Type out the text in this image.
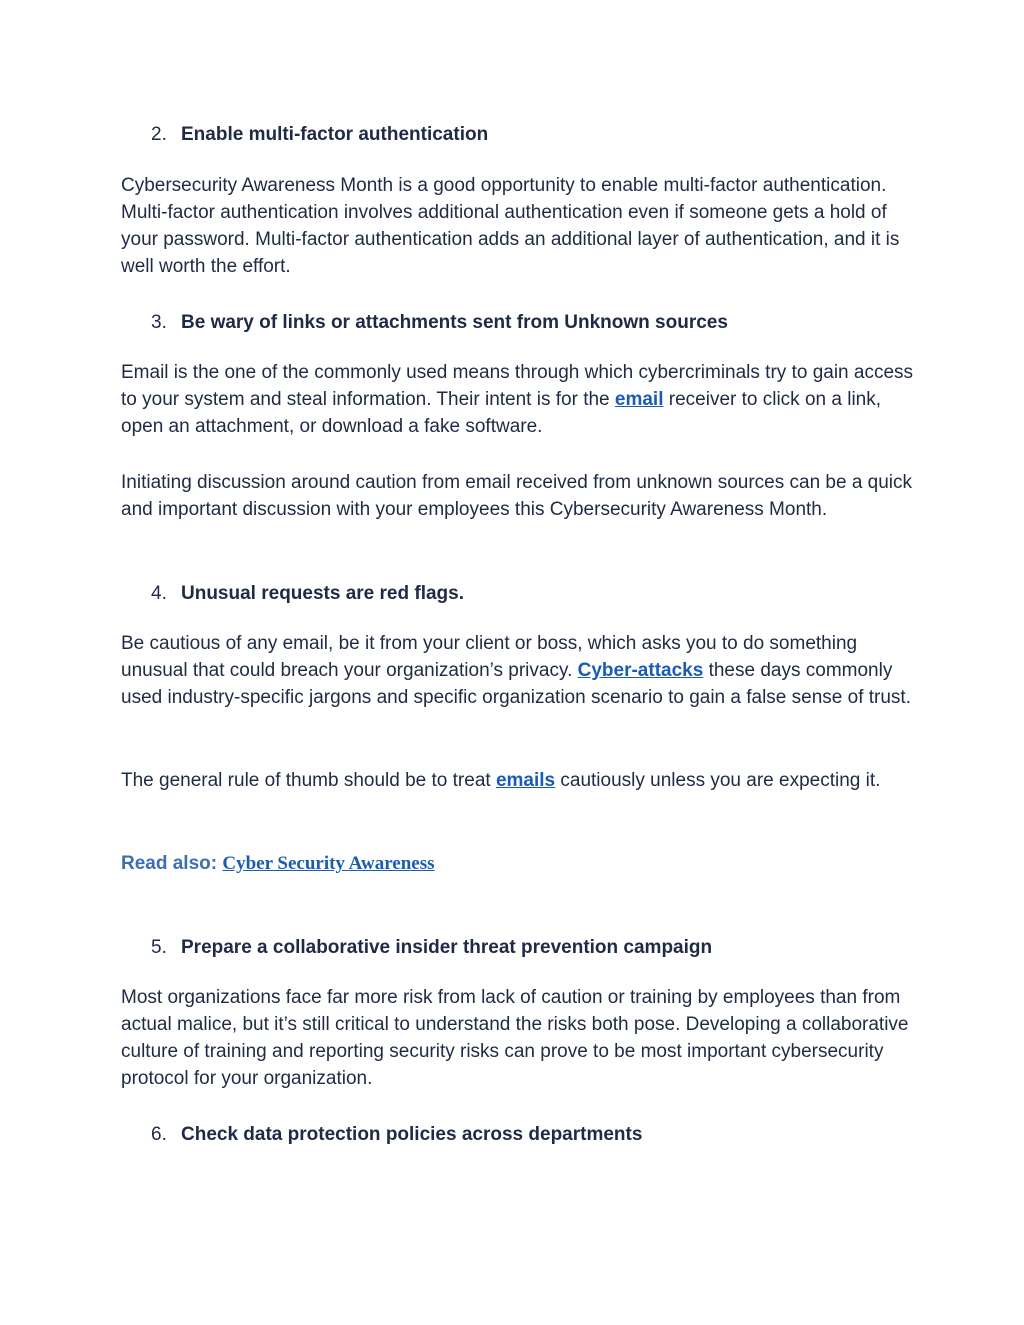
2. Enable multi-factor authentication

Cybersecurity Awareness Month is a good opportunity to enable multi-factor authentication. Multi-factor authentication involves additional authentication even if someone gets a hold of your password. Multi-factor authentication adds an additional layer of authentication, and it is well worth the effort.

3. Be wary of links or attachments sent from Unknown sources

Email is the one of the commonly used means through which cybercriminals try to gain access to your system and steal information. Their intent is for the email receiver to click on a link, open an attachment, or download a fake software.

Initiating discussion around caution from email received from unknown sources can be a quick and important discussion with your employees this Cybersecurity Awareness Month.

4. Unusual requests are red flags.

Be cautious of any email, be it from your client or boss, which asks you to do something unusual that could breach your organization’s privacy. Cyber-attacks these days commonly used industry-specific jargons and specific organization scenario to gain a false sense of trust.

The general rule of thumb should be to treat emails cautiously unless you are expecting it.

Read also: Cyber Security Awareness

5. Prepare a collaborative insider threat prevention campaign

Most organizations face far more risk from lack of caution or training by employees than from actual malice, but it’s still critical to understand the risks both pose. Developing a collaborative culture of training and reporting security risks can prove to be most important cybersecurity protocol for your organization.

6. Check data protection policies across departments
